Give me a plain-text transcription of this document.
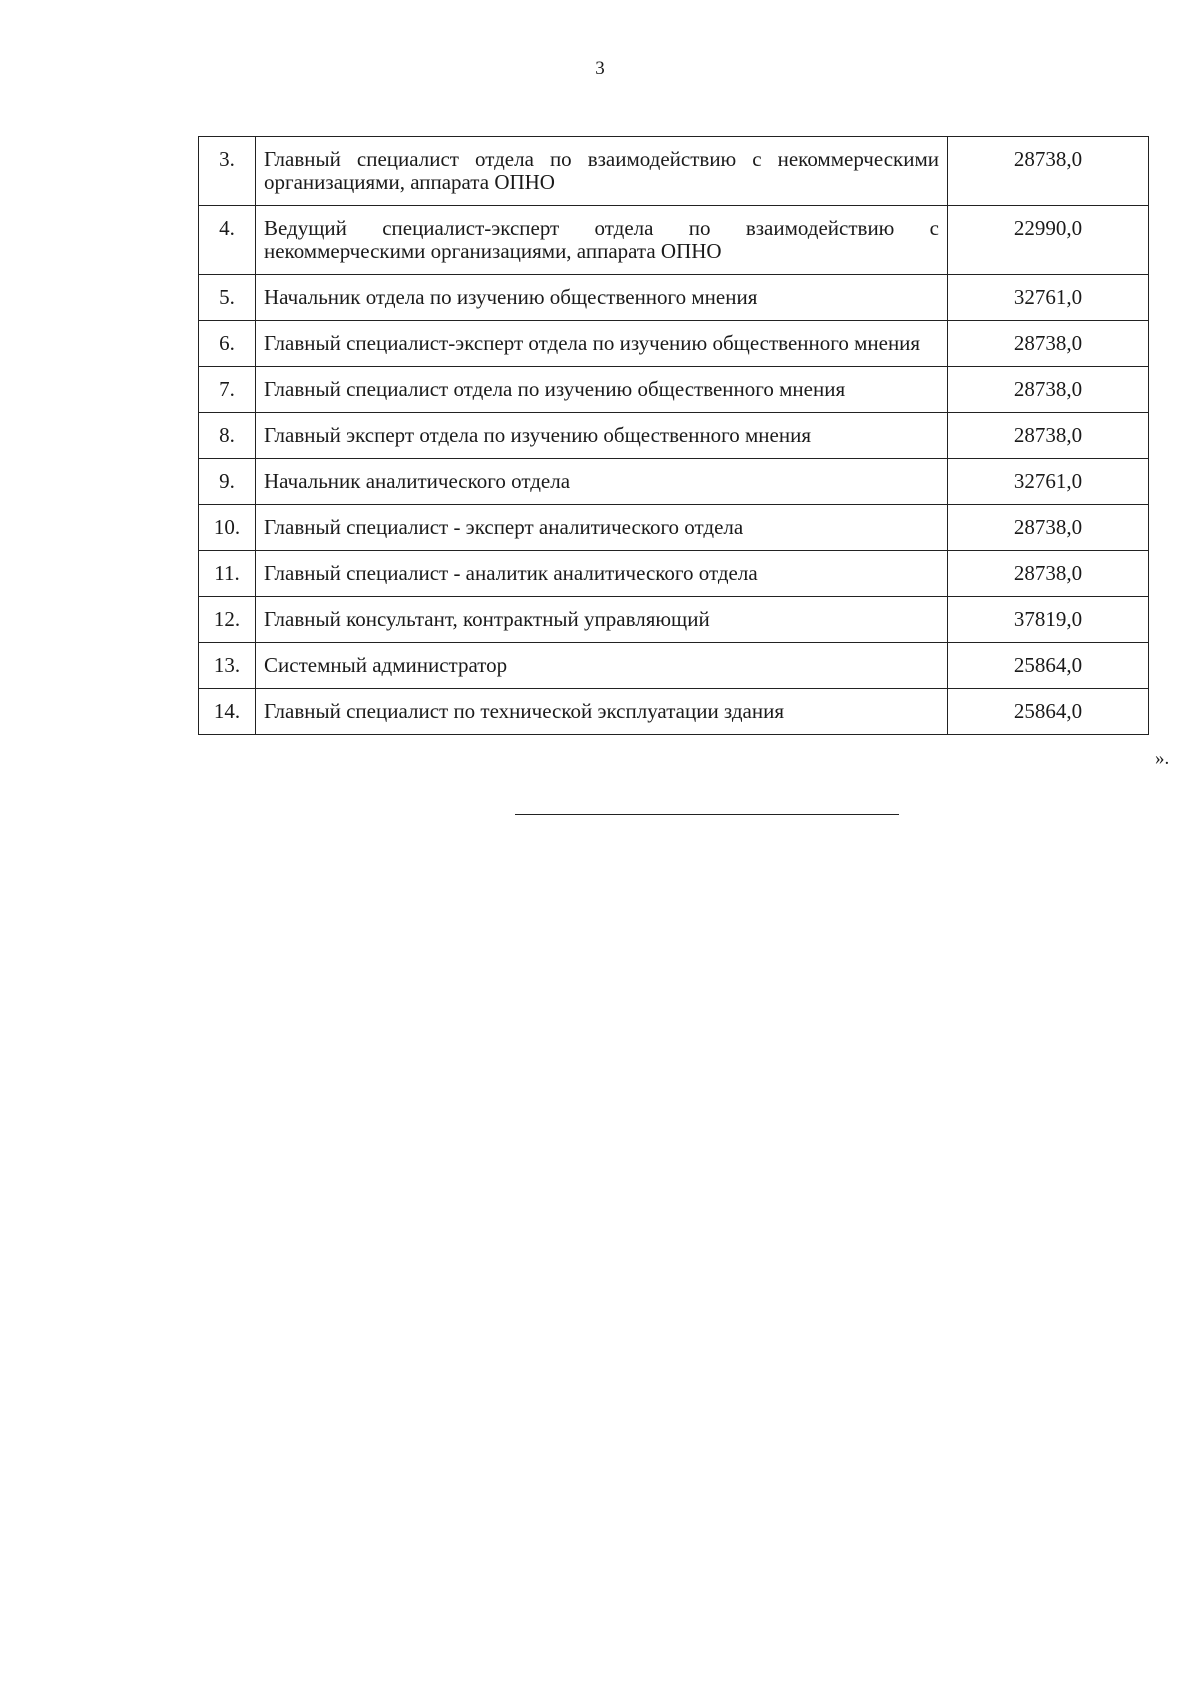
3
3.	Главный специалист отдела по взаимодействию с некоммерческими организациями, аппарата ОПНО	28738,0
4.	Ведущий специалист-эксперт отдела по взаимодействию с некоммерческими организациями, аппарата ОПНО	22990,0
5.	Начальник отдела по изучению общественного мнения	32761,0
6.	Главный специалист-эксперт отдела по изучению общественного мнения	28738,0
7.	Главный специалист отдела по изучению общественного мнения	28738,0
8.	Главный эксперт отдела по изучению общественного мнения	28738,0
9.	Начальник аналитического отдела	32761,0
10.	Главный специалист - эксперт аналитического отдела	28738,0
11.	Главный специалист - аналитик аналитического отдела	28738,0
12.	Главный консультант, контрактный управляющий	37819,0
13.	Системный администратор	25864,0
14.	Главный специалист по технической эксплуатации здания	25864,0
».
